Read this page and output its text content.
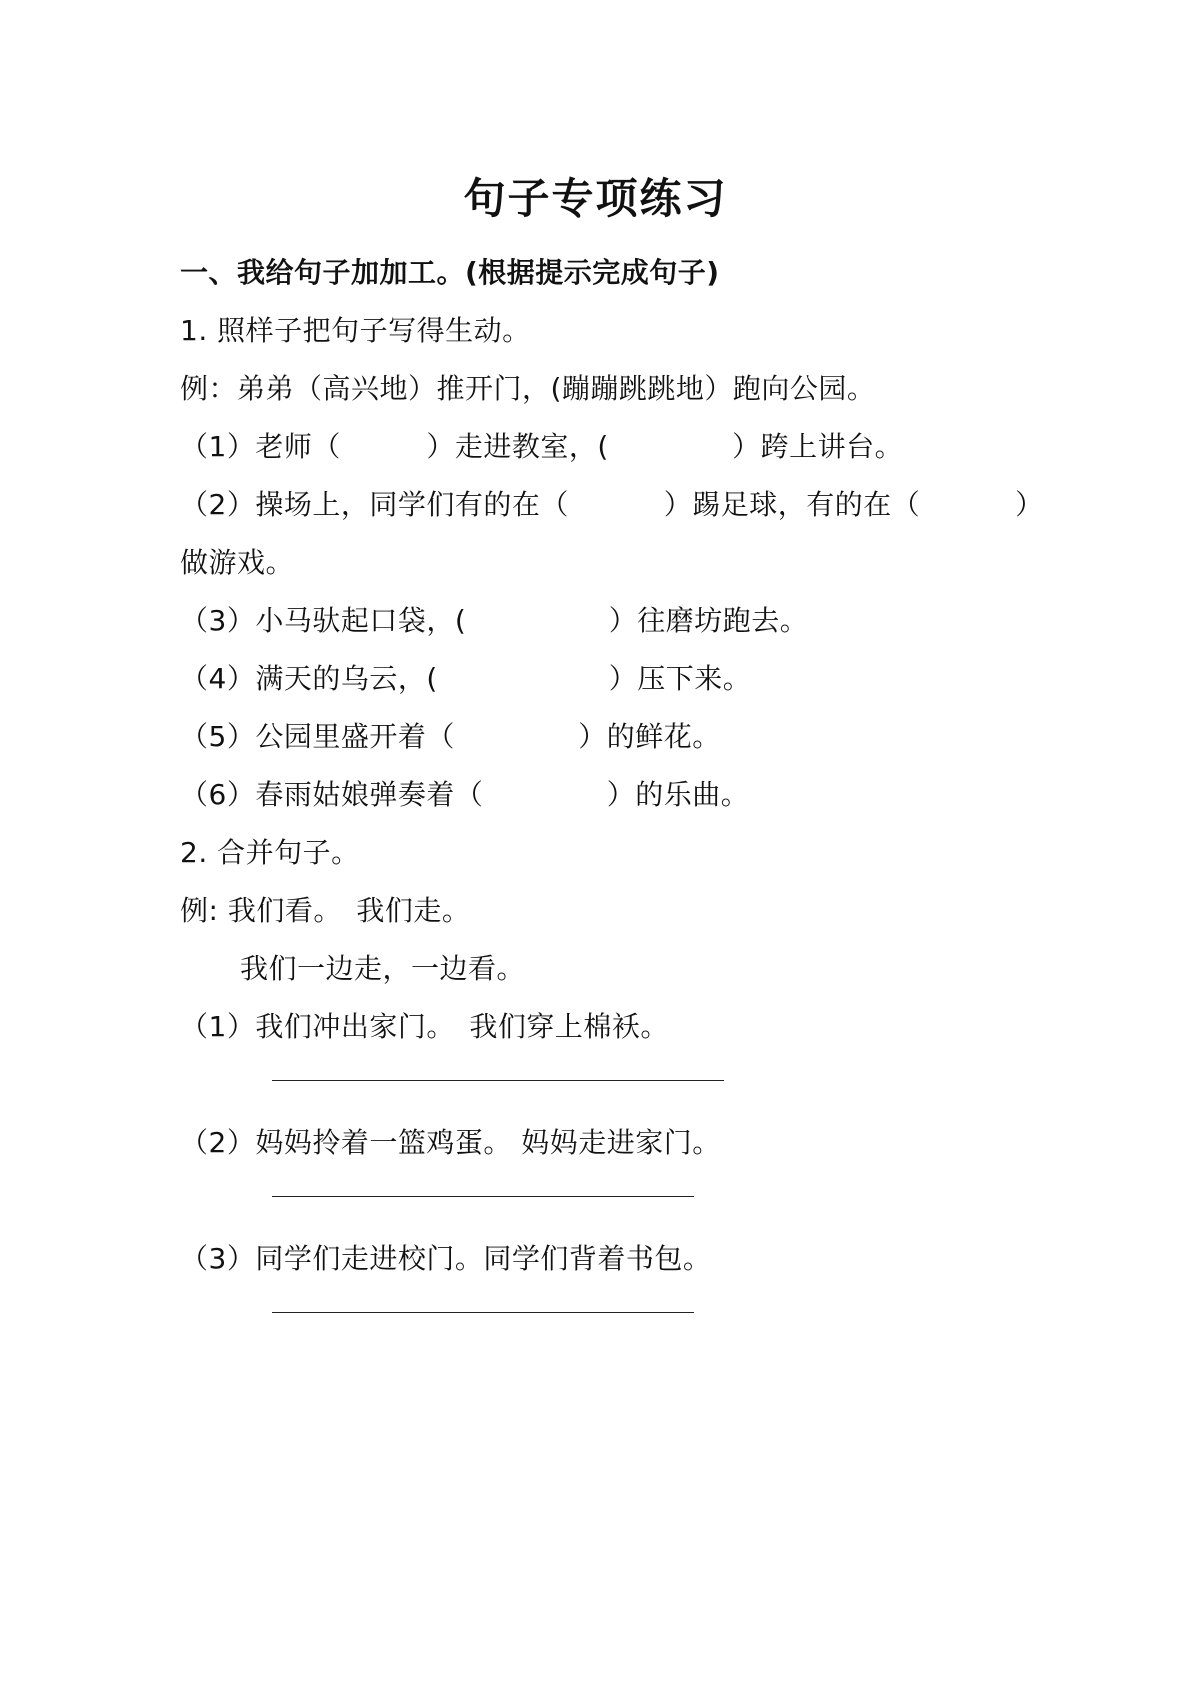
句子专项练习
一、我给句子加加工。(根据提示完成句子)
1. 照样子把句子写得生动。
例：弟弟（高兴地）推开门，(蹦蹦跳跳地）跑向公园。
（1）老师（　　　）走进教室，(　　　　 ）跨上讲台。
（2）操场上，同学们有的在（　　　 ）踢足球，有的在（　　　 ）
做游戏。
（3）小马驮起口袋，(　　　　　）往磨坊跑去。
（4）满天的乌云，(　　　　　　）压下来。
（5）公园里盛开着（　　　　 ）的鲜花。
（6）春雨姑娘弹奏着（　　　　 ）的乐曲。
2. 合并句子。
例: 我们看。　我们走。
我们一边走，一边看。
（1）我们冲出家门。　我们穿上棉袄。
（2）妈妈拎着一篮鸡蛋。 妈妈走进家门。
（3）同学们走进校门。同学们背着书包。
